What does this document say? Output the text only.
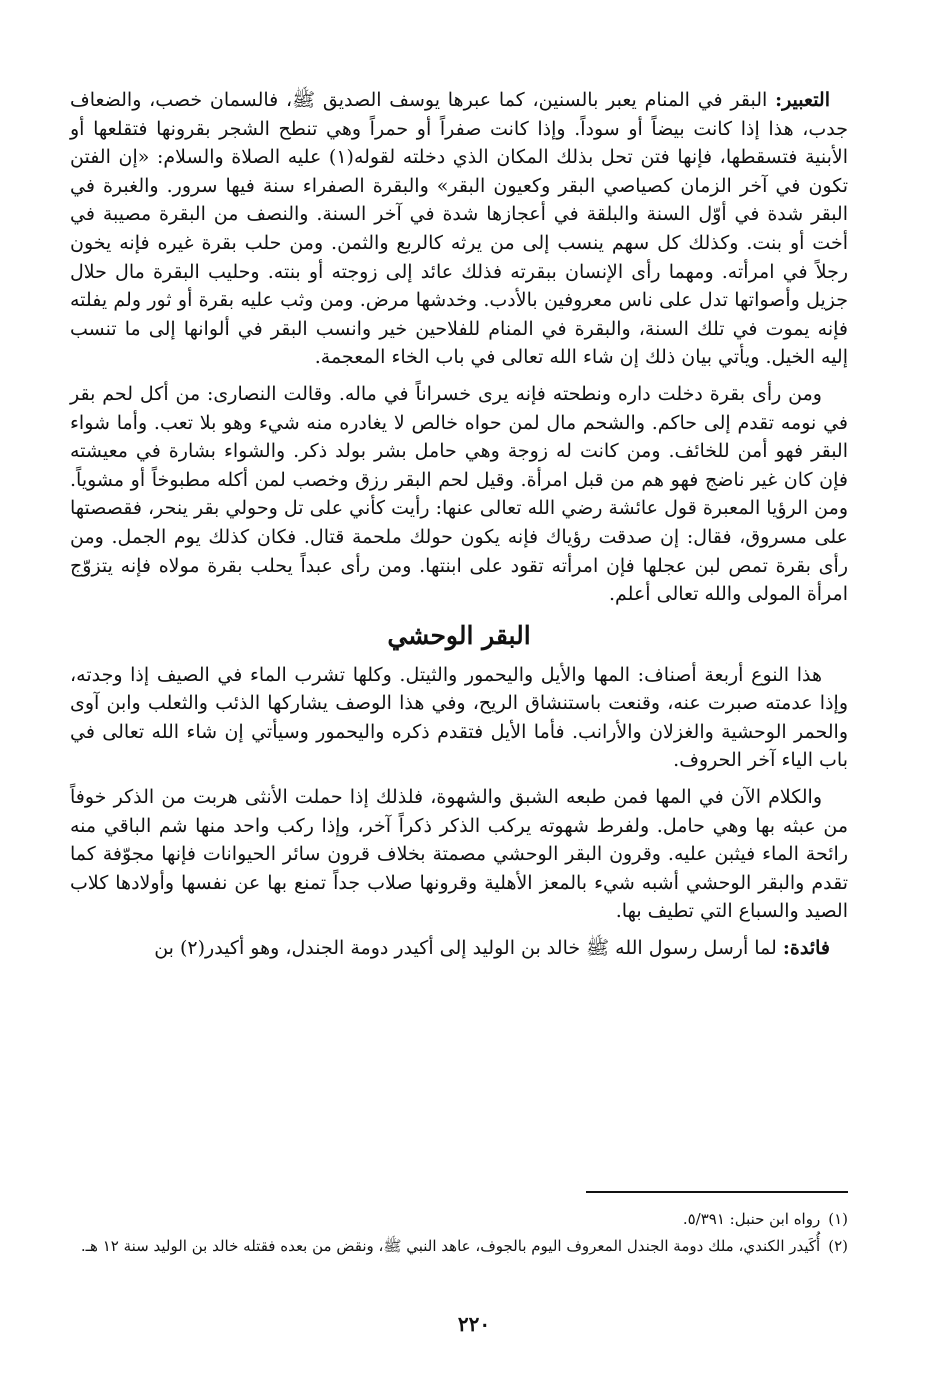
التعبير: البقر في المنام يعبر بالسنين، كما عبرها يوسف الصديق ﷺ، فالسمان خصب، والضعاف جدب، هذا إذا كانت بيضاً أو سوداً. وإذا كانت صفراً أو حمراً وهي تنطح الشجر بقرونها فتقلعها أو الأبنية فتسقطها، فإنها فتن تحل بذلك المكان الذي دخلته لقوله(١) عليه الصلاة والسلام: «إن الفتن تكون في آخر الزمان كصياصي البقر وكعيون البقر» والبقرة الصفراء سنة فيها سرور. والغبرة في البقر شدة في أوّل السنة والبلقة في أعجازها شدة في آخر السنة. والنصف من البقرة مصيبة في أخت أو بنت. وكذلك كل سهم ينسب إلى من يرثه كالربع والثمن. ومن حلب بقرة غيره فإنه يخون رجلاً في امرأته. ومهما رأى الإنسان ببقرته فذلك عائد إلى زوجته أو بنته. وحليب البقرة مال حلال جزيل وأصواتها تدل على ناس معروفين بالأدب. وخدشها مرض. ومن وثب عليه بقرة أو ثور ولم يفلته فإنه يموت في تلك السنة، والبقرة في المنام للفلاحين خير وانسب البقر في ألوانها إلى ما تنسب إليه الخيل. ويأتي بيان ذلك إن شاء الله تعالى في باب الخاء المعجمة.

ومن رأى بقرة دخلت داره ونطحته فإنه يرى خسراناً في ماله. وقالت النصارى: من أكل لحم بقر في نومه تقدم إلى حاكم. والشحم مال لمن حواه خالص لا يغادره منه شيء وهو بلا تعب. وأما شواء البقر فهو أمن للخائف. ومن كانت له زوجة وهي حامل بشر بولد ذكر. والشواء بشارة في معيشته فإن كان غير ناضج فهو هم من قبل امرأة. وقيل لحم البقر رزق وخصب لمن أكله مطبوخاً أو مشوياً. ومن الرؤيا المعبرة قول عائشة رضي الله تعالى عنها: رأيت كأني على تل وحولي بقر ينحر، فقصصتها على مسروق، فقال: إن صدقت رؤياك فإنه يكون حولك ملحمة قتال. فكان كذلك يوم الجمل. ومن رأى بقرة تمص لبن عجلها فإن امرأته تقود على ابنتها. ومن رأى عبداً يحلب بقرة مولاه فإنه يتزوّج امرأة المولى والله تعالى أعلم.

البقر الوحشي

هذا النوع أربعة أصناف: المها والأيل واليحمور والثيتل. وكلها تشرب الماء في الصيف إذا وجدته، وإذا عدمته صبرت عنه، وقنعت باستنشاق الريح، وفي هذا الوصف يشاركها الذئب والثعلب وابن آوى والحمر الوحشية والغزلان والأرانب. فأما الأيل فتقدم ذكره واليحمور وسيأتي إن شاء الله تعالى في باب الياء آخر الحروف.

والكلام الآن في المها فمن طبعه الشبق والشهوة، فلذلك إذا حملت الأنثى هربت من الذكر خوفاً من عبثه بها وهي حامل. ولفرط شهوته يركب الذكر ذكراً آخر، وإذا ركب واحد منها شم الباقي منه رائحة الماء فيثبن عليه. وقرون البقر الوحشي مصمتة بخلاف قرون سائر الحيوانات فإنها مجوّفة كما تقدم والبقر الوحشي أشبه شيء بالمعز الأهلية وقرونها صلاب جداً تمنع بها عن نفسها وأولادها كلاب الصيد والسباع التي تطيف بها.

فائدة: لما أرسل رسول الله ﷺ خالد بن الوليد إلى أكيدر دومة الجندل، وهو أكيدر(٢) بن

(١)رواه ابن حنبل: ٥/٣٩١.

(٢)أُكَيدر الكندي، ملك دومة الجندل المعروف اليوم بالجوف، عاهد النبي ﷺ، ونقض من بعده فقتله خالد بن الوليد سنة ١٢ هـ.

٢٢٠
